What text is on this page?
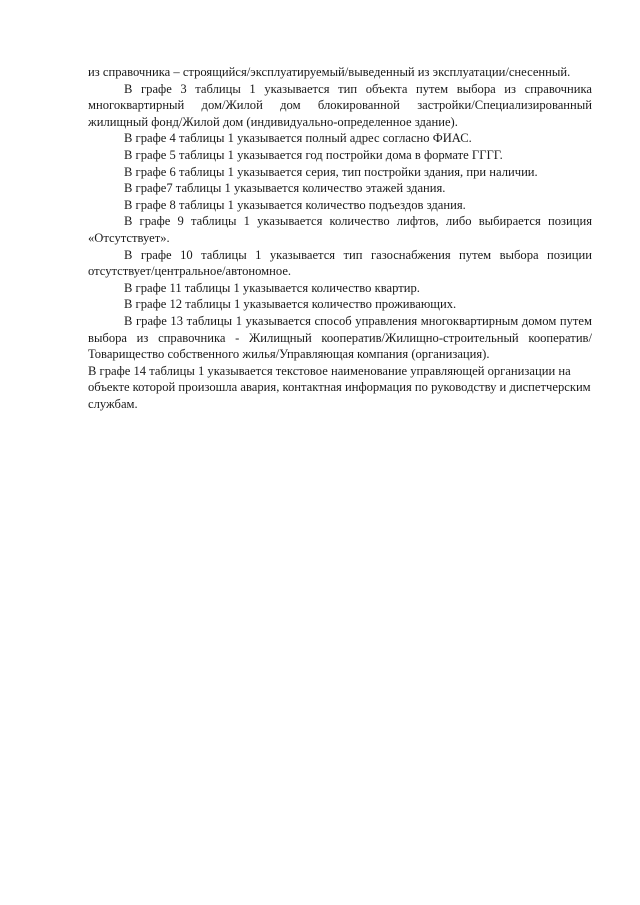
из справочника – строящийся/эксплуатируемый/выведенный из эксплуатации/снесенный.

В графе 3 таблицы 1 указывается тип объекта путем выбора из справочника многоквартирный дом/Жилой дом блокированной застройки/Специализированный жилищный фонд/Жилой дом (индивидуально-определенное здание).

В графе 4 таблицы 1 указывается полный адрес согласно ФИАС.

В графе 5 таблицы 1 указывается год постройки дома в формате ГГГГ.

В графе 6 таблицы 1 указывается серия, тип постройки здания, при наличии.

В графе7 таблицы 1 указывается количество этажей здания.

В графе 8 таблицы 1 указывается количество подъездов здания.

В графе 9 таблицы 1 указывается количество лифтов, либо выбирается позиция «Отсутствует».

В графе 10 таблицы 1 указывается тип газоснабжения путем выбора позиции отсутствует/центральное/автономное.

В графе 11 таблицы 1 указывается количество квартир.

В графе 12 таблицы 1 указывается количество проживающих.

В графе 13 таблицы 1 указывается способ управления многоквартирным домом путем выбора из справочника - Жилищный кооператив/Жилищно-строительный кооператив/Товарищество собственного жилья/Управляющая компания (организация).

В графе 14 таблицы 1 указывается текстовое наименование управляющей организации на объекте которой произошла авария, контактная информация по руководству и диспетчерским службам.
